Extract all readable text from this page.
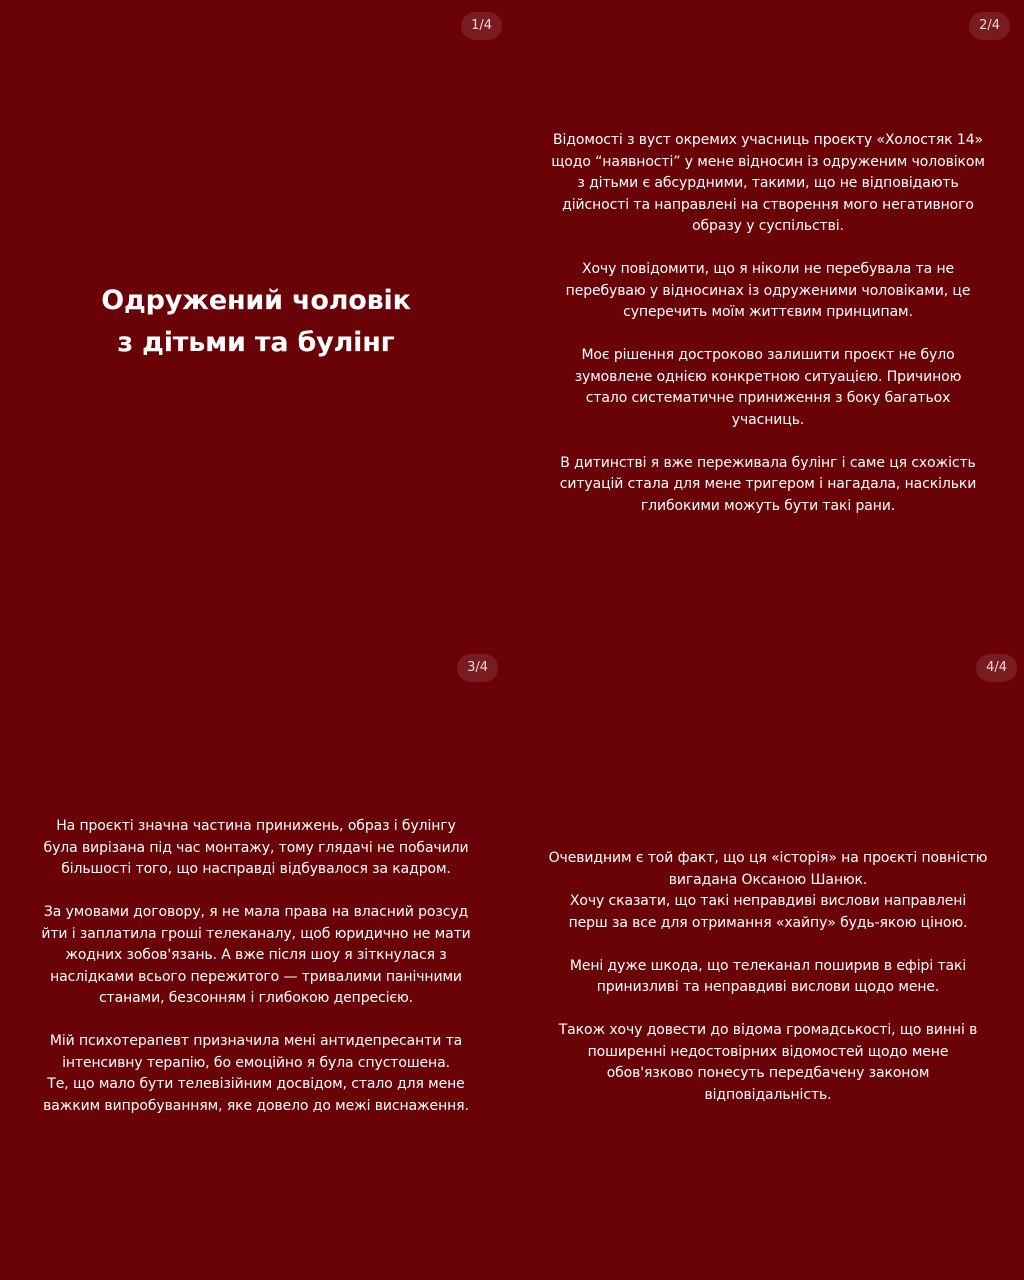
1/4
Одружений чоловік
з дітьми та булінг
2/4

Відомості з вуст окремих учасниць проєкту «Холостяк 14»
щодо “наявності” у мене відносин із одруженим чоловіком
з дітьми є абсурдними, такими, що не відповідають
дійсності та направлені на створення мого негативного
образу у суспільстві.

Хочу повідомити, що я ніколи не перебувала та не
перебуваю у відносинах із одруженими чоловіками, це
суперечить моїм життєвим принципам.

Моє рішення достроково залишити проєкт не було
зумовлене однією конкретною ситуацією. Причиною
стало систематичне приниження з боку багатьох
учасниць.

В дитинстві я вже переживала булінг і саме ця схожість
ситуацій стала для мене тригером і нагадала, наскільки
глибокими можуть бути такі рани.

3/4

На проєкті значна частина принижень, образ і булінгу
була вирізана під час монтажу, тому глядачі не побачили
більшості того, що насправді відбувалося за кадром.

За умовами договору, я не мала права на власний розсуд
йти і заплатила гроші телеканалу, щоб юридично не мати
жодних зобов'язань. А вже після шоу я зіткнулася з
наслідками всього пережитого — тривалими панічними
станами, безсонням і глибокою депресією.

Мій психотерапевт призначила мені антидепресанти та
інтенсивну терапію, бо емоційно я була спустошена.
Те, що мало бути телевізійним досвідом, стало для мене
важким випробуванням, яке довело до межі виснаження.

4/4

Очевидним є той факт, що ця «історія» на проєкті повністю
вигадана Оксаною Шанюк.
Хочу сказати, що такі неправдиві вислови направлені
перш за все для отримання «хайпу» будь-якою ціною.

Мені дуже шкода, що телеканал поширив в ефірі такі
принизливі та неправдиві вислови щодо мене.

Також хочу довести до відома громадськості, що винні в
поширенні недостовірних відомостей щодо мене
обов'язково понесуть передбачену законом
відповідальність.
